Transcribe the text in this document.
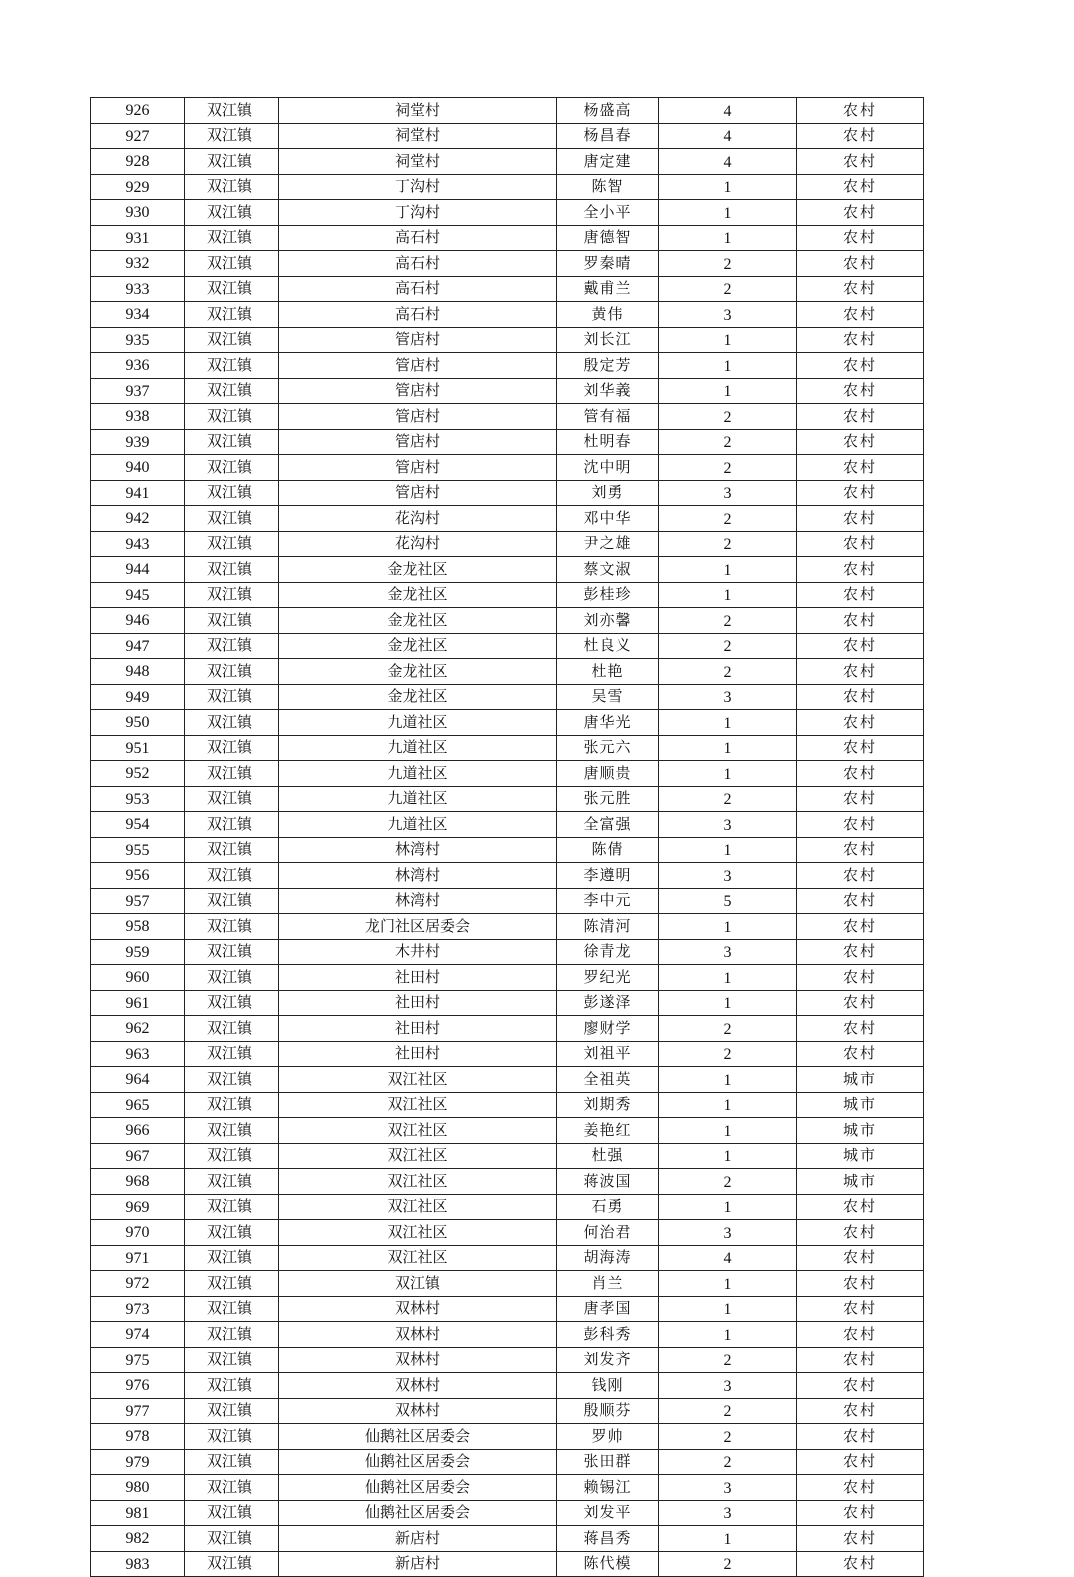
926	双江镇	祠堂村	杨盛高	4	农村
927	双江镇	祠堂村	杨昌春	4	农村
928	双江镇	祠堂村	唐定建	4	农村
929	双江镇	丁沟村	陈智	1	农村
930	双江镇	丁沟村	全小平	1	农村
931	双江镇	高石村	唐德智	1	农村
932	双江镇	高石村	罗秦晴	2	农村
933	双江镇	高石村	戴甫兰	2	农村
934	双江镇	高石村	黄伟	3	农村
935	双江镇	管店村	刘长江	1	农村
936	双江镇	管店村	殷定芳	1	农村
937	双江镇	管店村	刘华義	1	农村
938	双江镇	管店村	管有福	2	农村
939	双江镇	管店村	杜明春	2	农村
940	双江镇	管店村	沈中明	2	农村
941	双江镇	管店村	刘勇	3	农村
942	双江镇	花沟村	邓中华	2	农村
943	双江镇	花沟村	尹之雄	2	农村
944	双江镇	金龙社区	蔡文淑	1	农村
945	双江镇	金龙社区	彭桂珍	1	农村
946	双江镇	金龙社区	刘亦馨	2	农村
947	双江镇	金龙社区	杜良义	2	农村
948	双江镇	金龙社区	杜艳	2	农村
949	双江镇	金龙社区	吴雪	3	农村
950	双江镇	九道社区	唐华光	1	农村
951	双江镇	九道社区	张元六	1	农村
952	双江镇	九道社区	唐顺贵	1	农村
953	双江镇	九道社区	张元胜	2	农村
954	双江镇	九道社区	全富强	3	农村
955	双江镇	林湾村	陈倩	1	农村
956	双江镇	林湾村	李遵明	3	农村
957	双江镇	林湾村	李中元	5	农村
958	双江镇	龙门社区居委会	陈清河	1	农村
959	双江镇	木井村	徐青龙	3	农村
960	双江镇	社田村	罗纪光	1	农村
961	双江镇	社田村	彭遂泽	1	农村
962	双江镇	社田村	廖财学	2	农村
963	双江镇	社田村	刘祖平	2	农村
964	双江镇	双江社区	全祖英	1	城市
965	双江镇	双江社区	刘期秀	1	城市
966	双江镇	双江社区	姜艳红	1	城市
967	双江镇	双江社区	杜强	1	城市
968	双江镇	双江社区	蒋波国	2	城市
969	双江镇	双江社区	石勇	1	农村
970	双江镇	双江社区	何治君	3	农村
971	双江镇	双江社区	胡海涛	4	农村
972	双江镇	双江镇	肖兰	1	农村
973	双江镇	双林村	唐孝国	1	农村
974	双江镇	双林村	彭科秀	1	农村
975	双江镇	双林村	刘发齐	2	农村
976	双江镇	双林村	钱刚	3	农村
977	双江镇	双林村	殷顺芬	2	农村
978	双江镇	仙鹅社区居委会	罗帅	2	农村
979	双江镇	仙鹅社区居委会	张田群	2	农村
980	双江镇	仙鹅社区居委会	赖锡江	3	农村
981	双江镇	仙鹅社区居委会	刘发平	3	农村
982	双江镇	新店村	蒋昌秀	1	农村
983	双江镇	新店村	陈代模	2	农村
